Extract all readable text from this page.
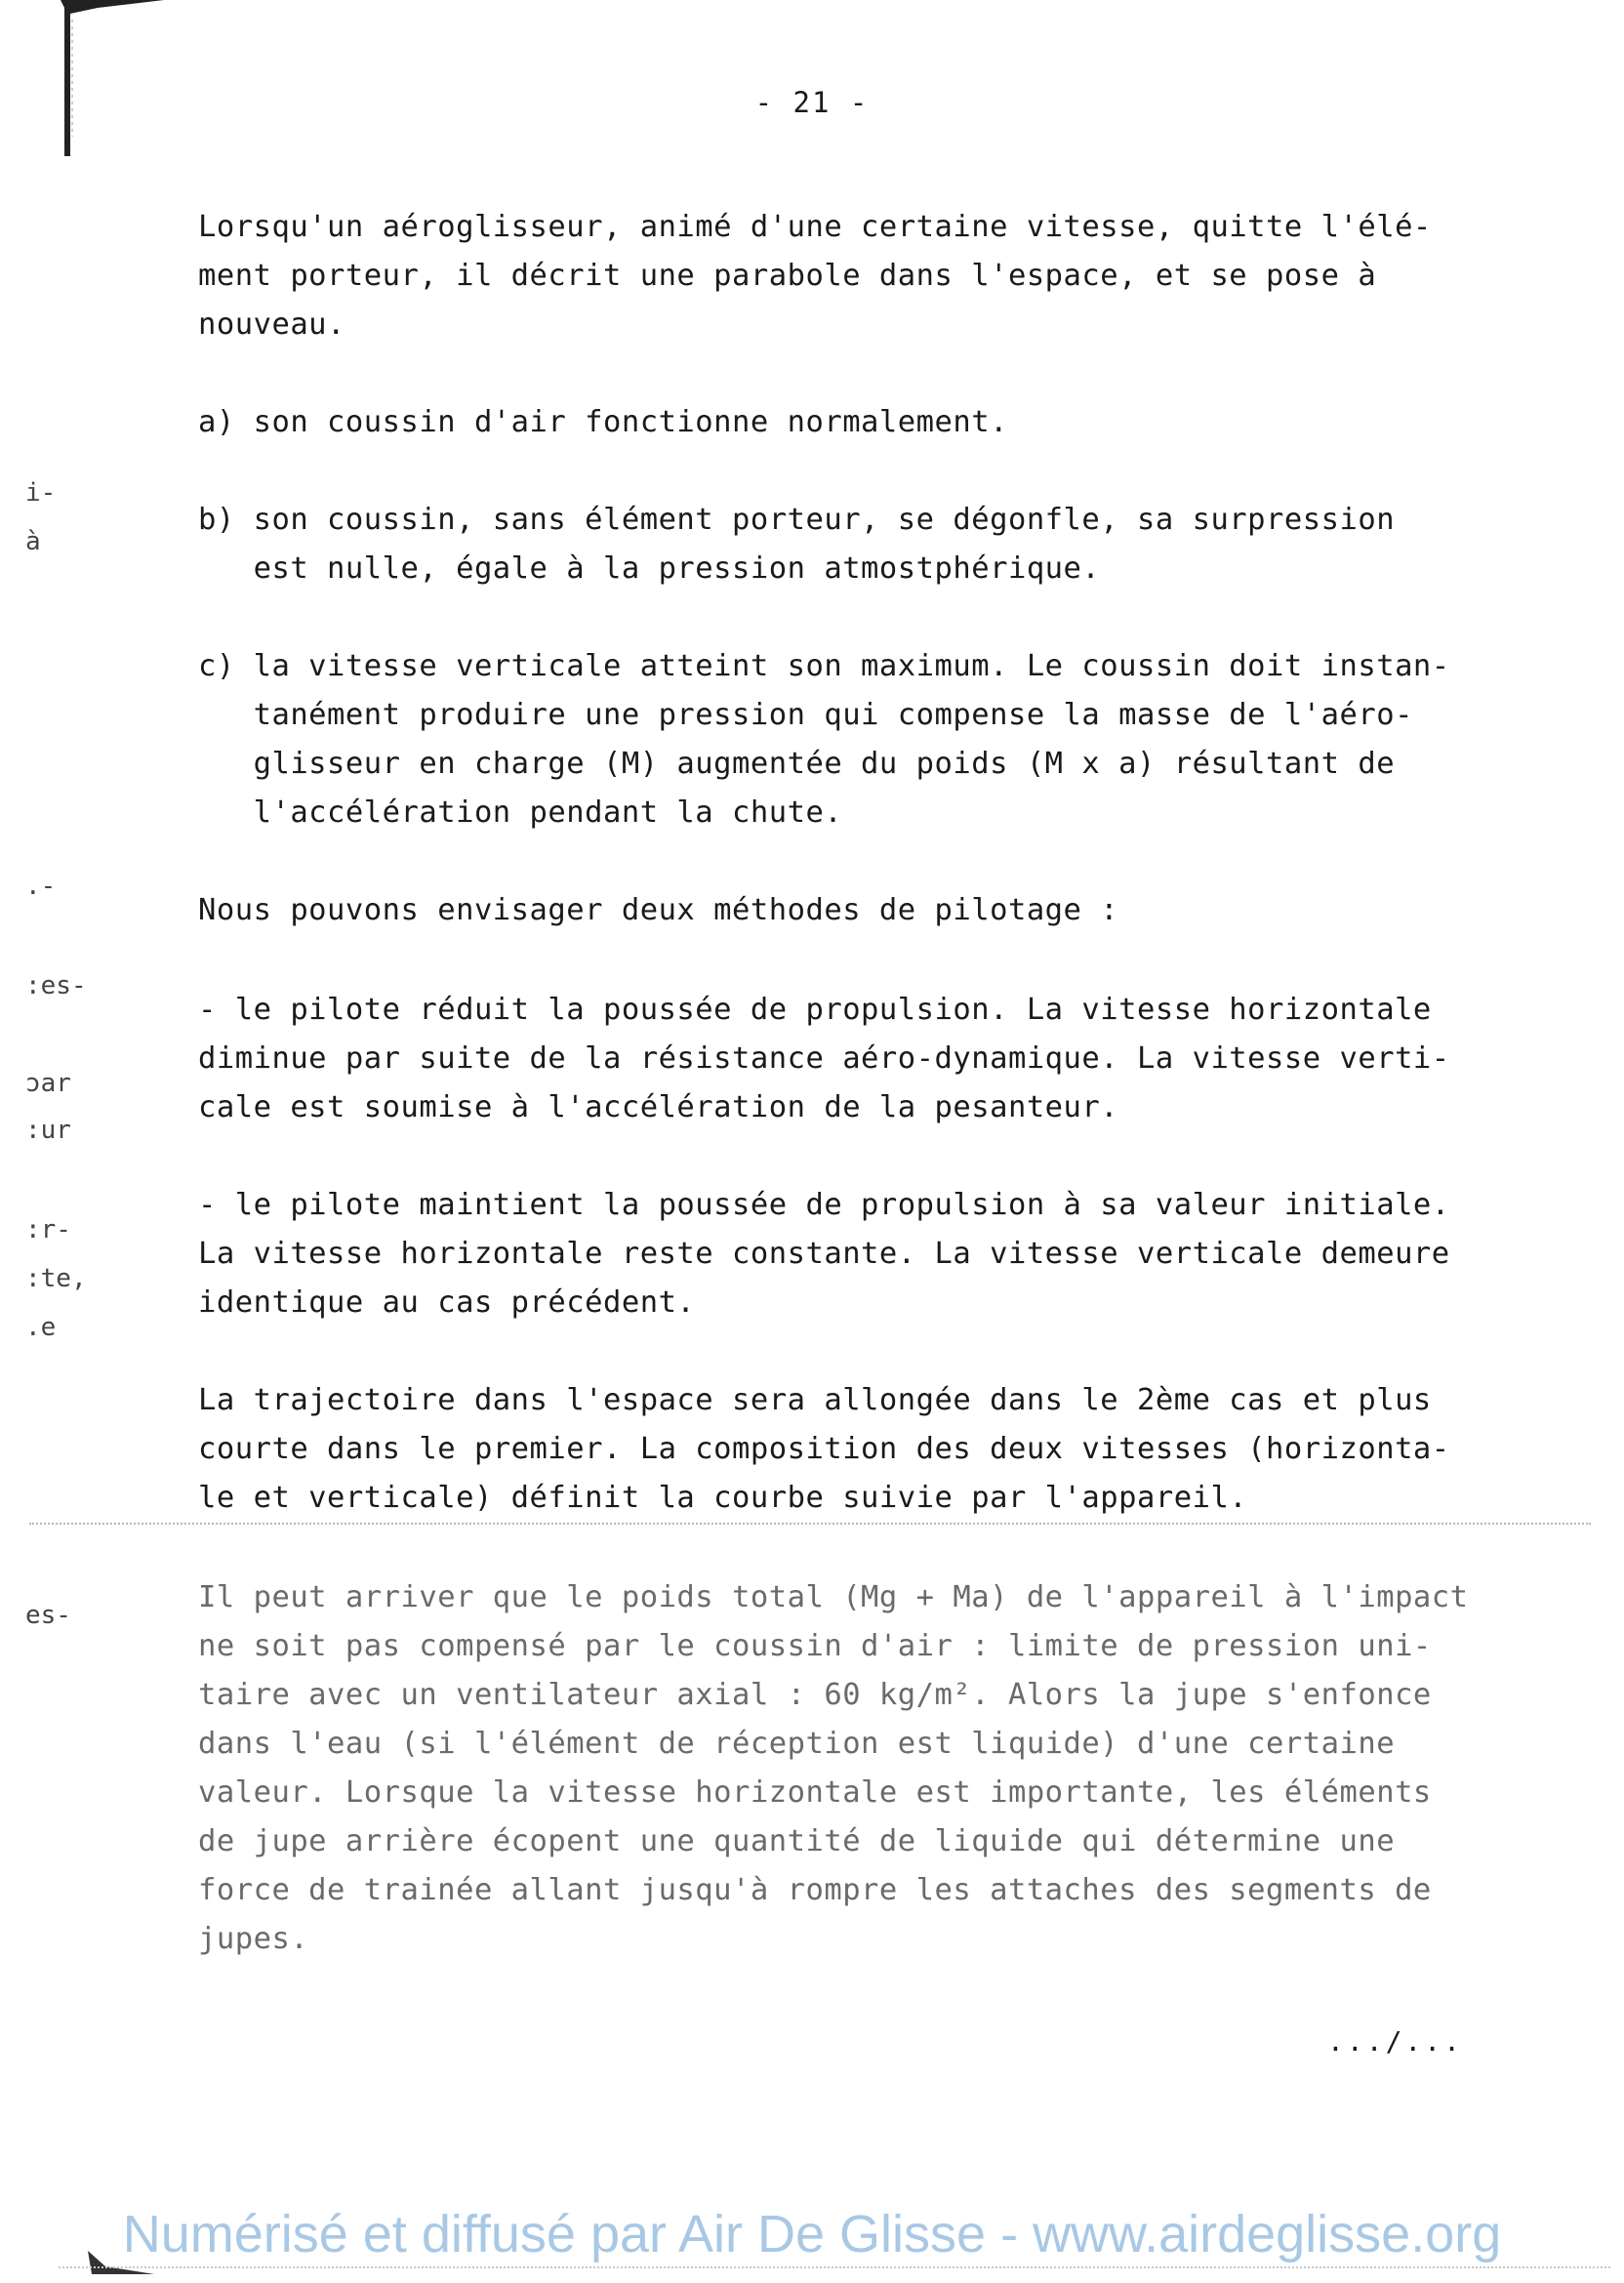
- 21 -
i-
à
.-
:es-
ɔar
:ur
:r-
:te,
.e
es-
Lorsqu'un aéroglisseur, animé d'une certaine vitesse, quitte l'élé-
ment porteur, il décrit une parabole dans l'espace, et se pose à
nouveau.
a) son coussin d'air fonctionne normalement.
b) son coussin, sans élément porteur, se dégonfle, sa surpression
est nulle, égale à la pression atmostphérique.
c) la vitesse verticale atteint son maximum. Le coussin doit instan-
tanément produire une pression qui compense la masse de l'aéro-
glisseur en charge (M) augmentée du poids (M x a) résultant de
l'accélération pendant la chute.
Nous pouvons envisager deux méthodes de pilotage :
- le pilote réduit la poussée de propulsion. La vitesse horizontale
diminue par suite de la résistance aéro-dynamique. La vitesse verti-
cale est soumise à l'accélération de la pesanteur.
- le pilote maintient la poussée de propulsion à sa valeur initiale.
La vitesse horizontale reste constante. La vitesse verticale demeure
identique au cas précédent.
La trajectoire dans l'espace sera allongée dans le 2ème cas et plus
courte dans le premier. La composition des deux vitesses (horizonta-
le et verticale) définit la courbe suivie par l'appareil.
Il peut arriver que le poids total (Mg + Ma) de l'appareil à l'impact
ne soit pas compensé par le coussin d'air : limite de pression uni-
taire avec un ventilateur axial : 60 kg/m². Alors la jupe s'enfonce
dans l'eau (si l'élément de réception est liquide) d'une certaine
valeur. Lorsque la vitesse horizontale est importante, les éléments
de jupe arrière écopent une quantité de liquide qui détermine une
force de trainée allant jusqu'à rompre les attaches des segments de
jupes.
.../...
Numérisé et diffusé par Air De Glisse - www.airdeglisse.org
